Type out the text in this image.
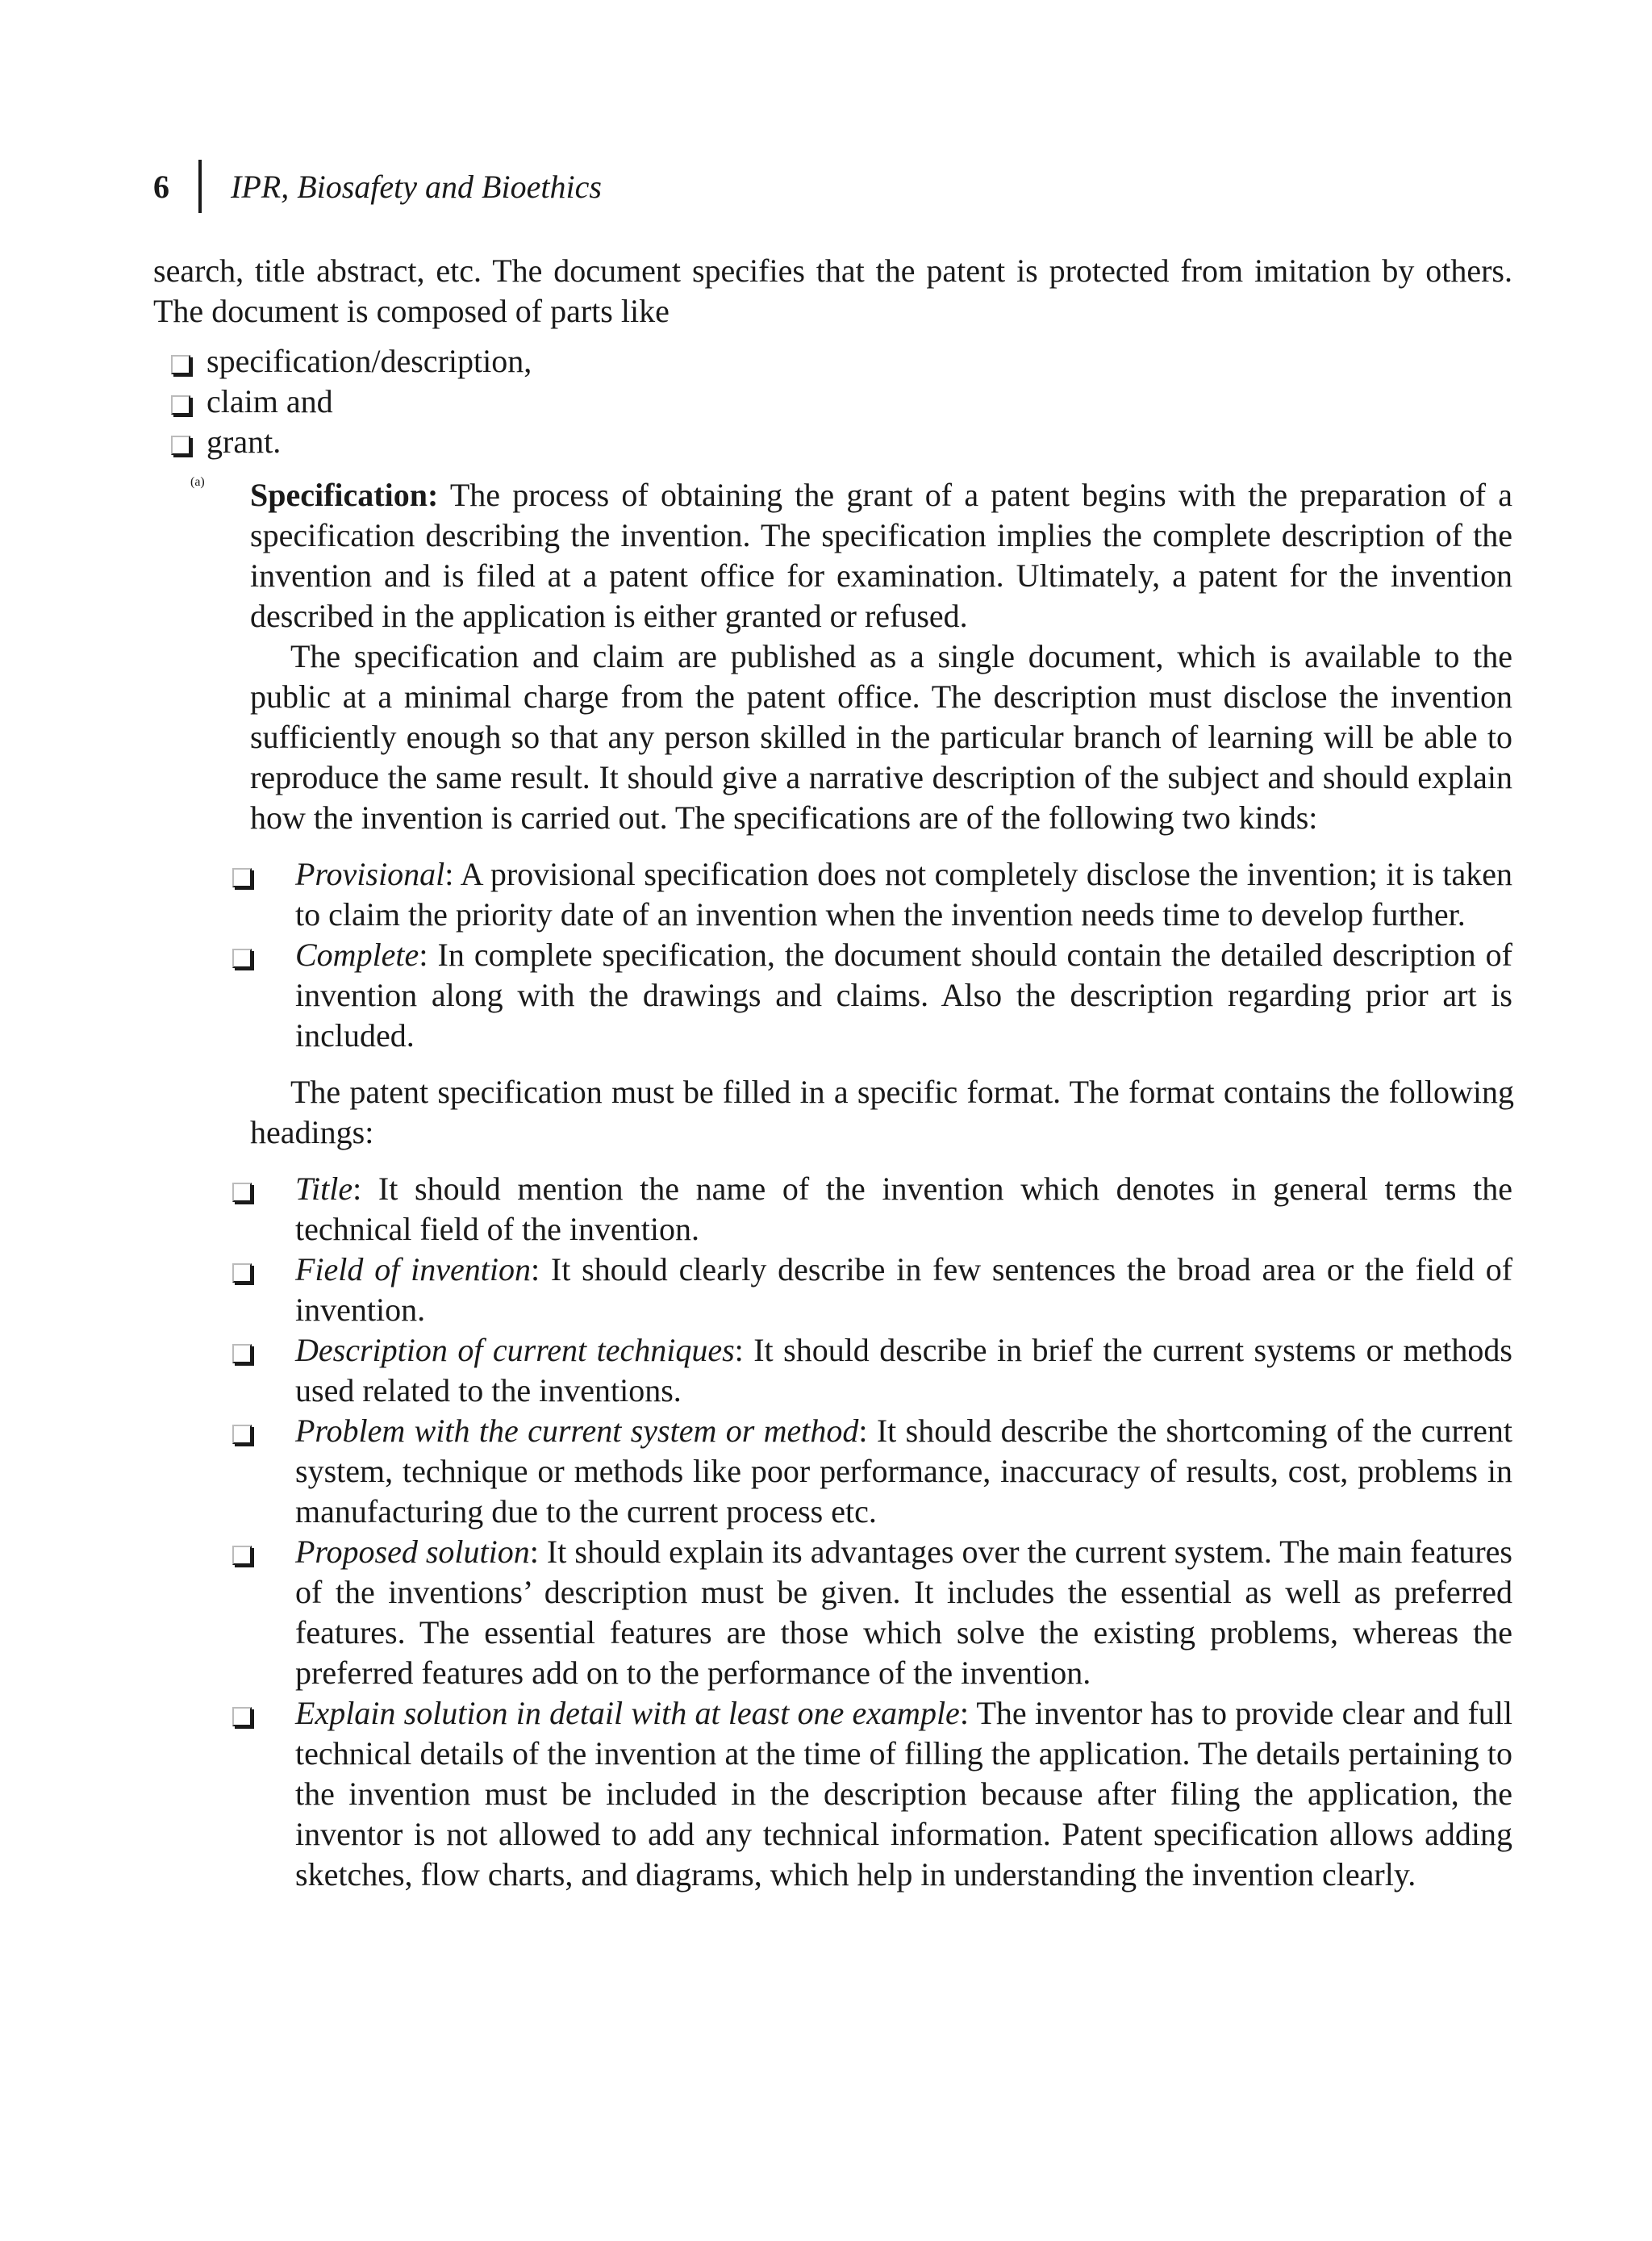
6	IPR, Biosafety and Bioethics

search, title abstract, etc. The document specifies that the patent is protected from imitation by others. The document is composed of parts like

specification/description,
claim and
grant.
(a)	Specification: The process of obtaining the grant of a patent begins with the preparation of a specification describing the invention. The specification implies the complete description of the invention and is filed at a patent office for examination. Ultimately, a patent for the invention described in the application is either granted or refused.

The specification and claim are published as a single document, which is available to the public at a minimal charge from the patent office. The description must disclose the invention sufficiently enough so that any person skilled in the particular branch of learning will be able to reproduce the same result. It should give a narrative description of the subject and should explain how the invention is carried out. The specifications are of the following two kinds:

Provisional: A provisional specification does not completely disclose the invention; it is taken to claim the priority date of an invention when the invention needs time to develop further.
Complete: In complete specification, the document should contain the detailed description of invention along with the drawings and claims. Also the description regarding prior art is included.

The patent specification must be filled in a specific format. The format contains the following headings:

Title: It should mention the name of the invention which denotes in general terms the technical field of the invention.
Field of invention: It should clearly describe in few sentences the broad area or the field of invention.
Description of current techniques: It should describe in brief the current systems or methods used related to the inventions.
Problem with the current system or method: It should describe the shortcoming of the current system, technique or methods like poor performance, inaccuracy of results, cost, problems in manufacturing due to the current process etc.
Proposed solution: It should explain its advantages over the current system. The main features of the inventions’ description must be given. It includes the essential as well as preferred features. The essential features are those which solve the existing problems, whereas the preferred features add on to the performance of the invention.
Explain solution in detail with at least one example: The inventor has to provide clear and full technical details of the invention at the time of filling the application. The details pertaining to the invention must be included in the description because after filing the application, the inventor is not allowed to add any technical information. Patent specification allows adding sketches, flow charts, and diagrams, which help in understanding the invention clearly.
